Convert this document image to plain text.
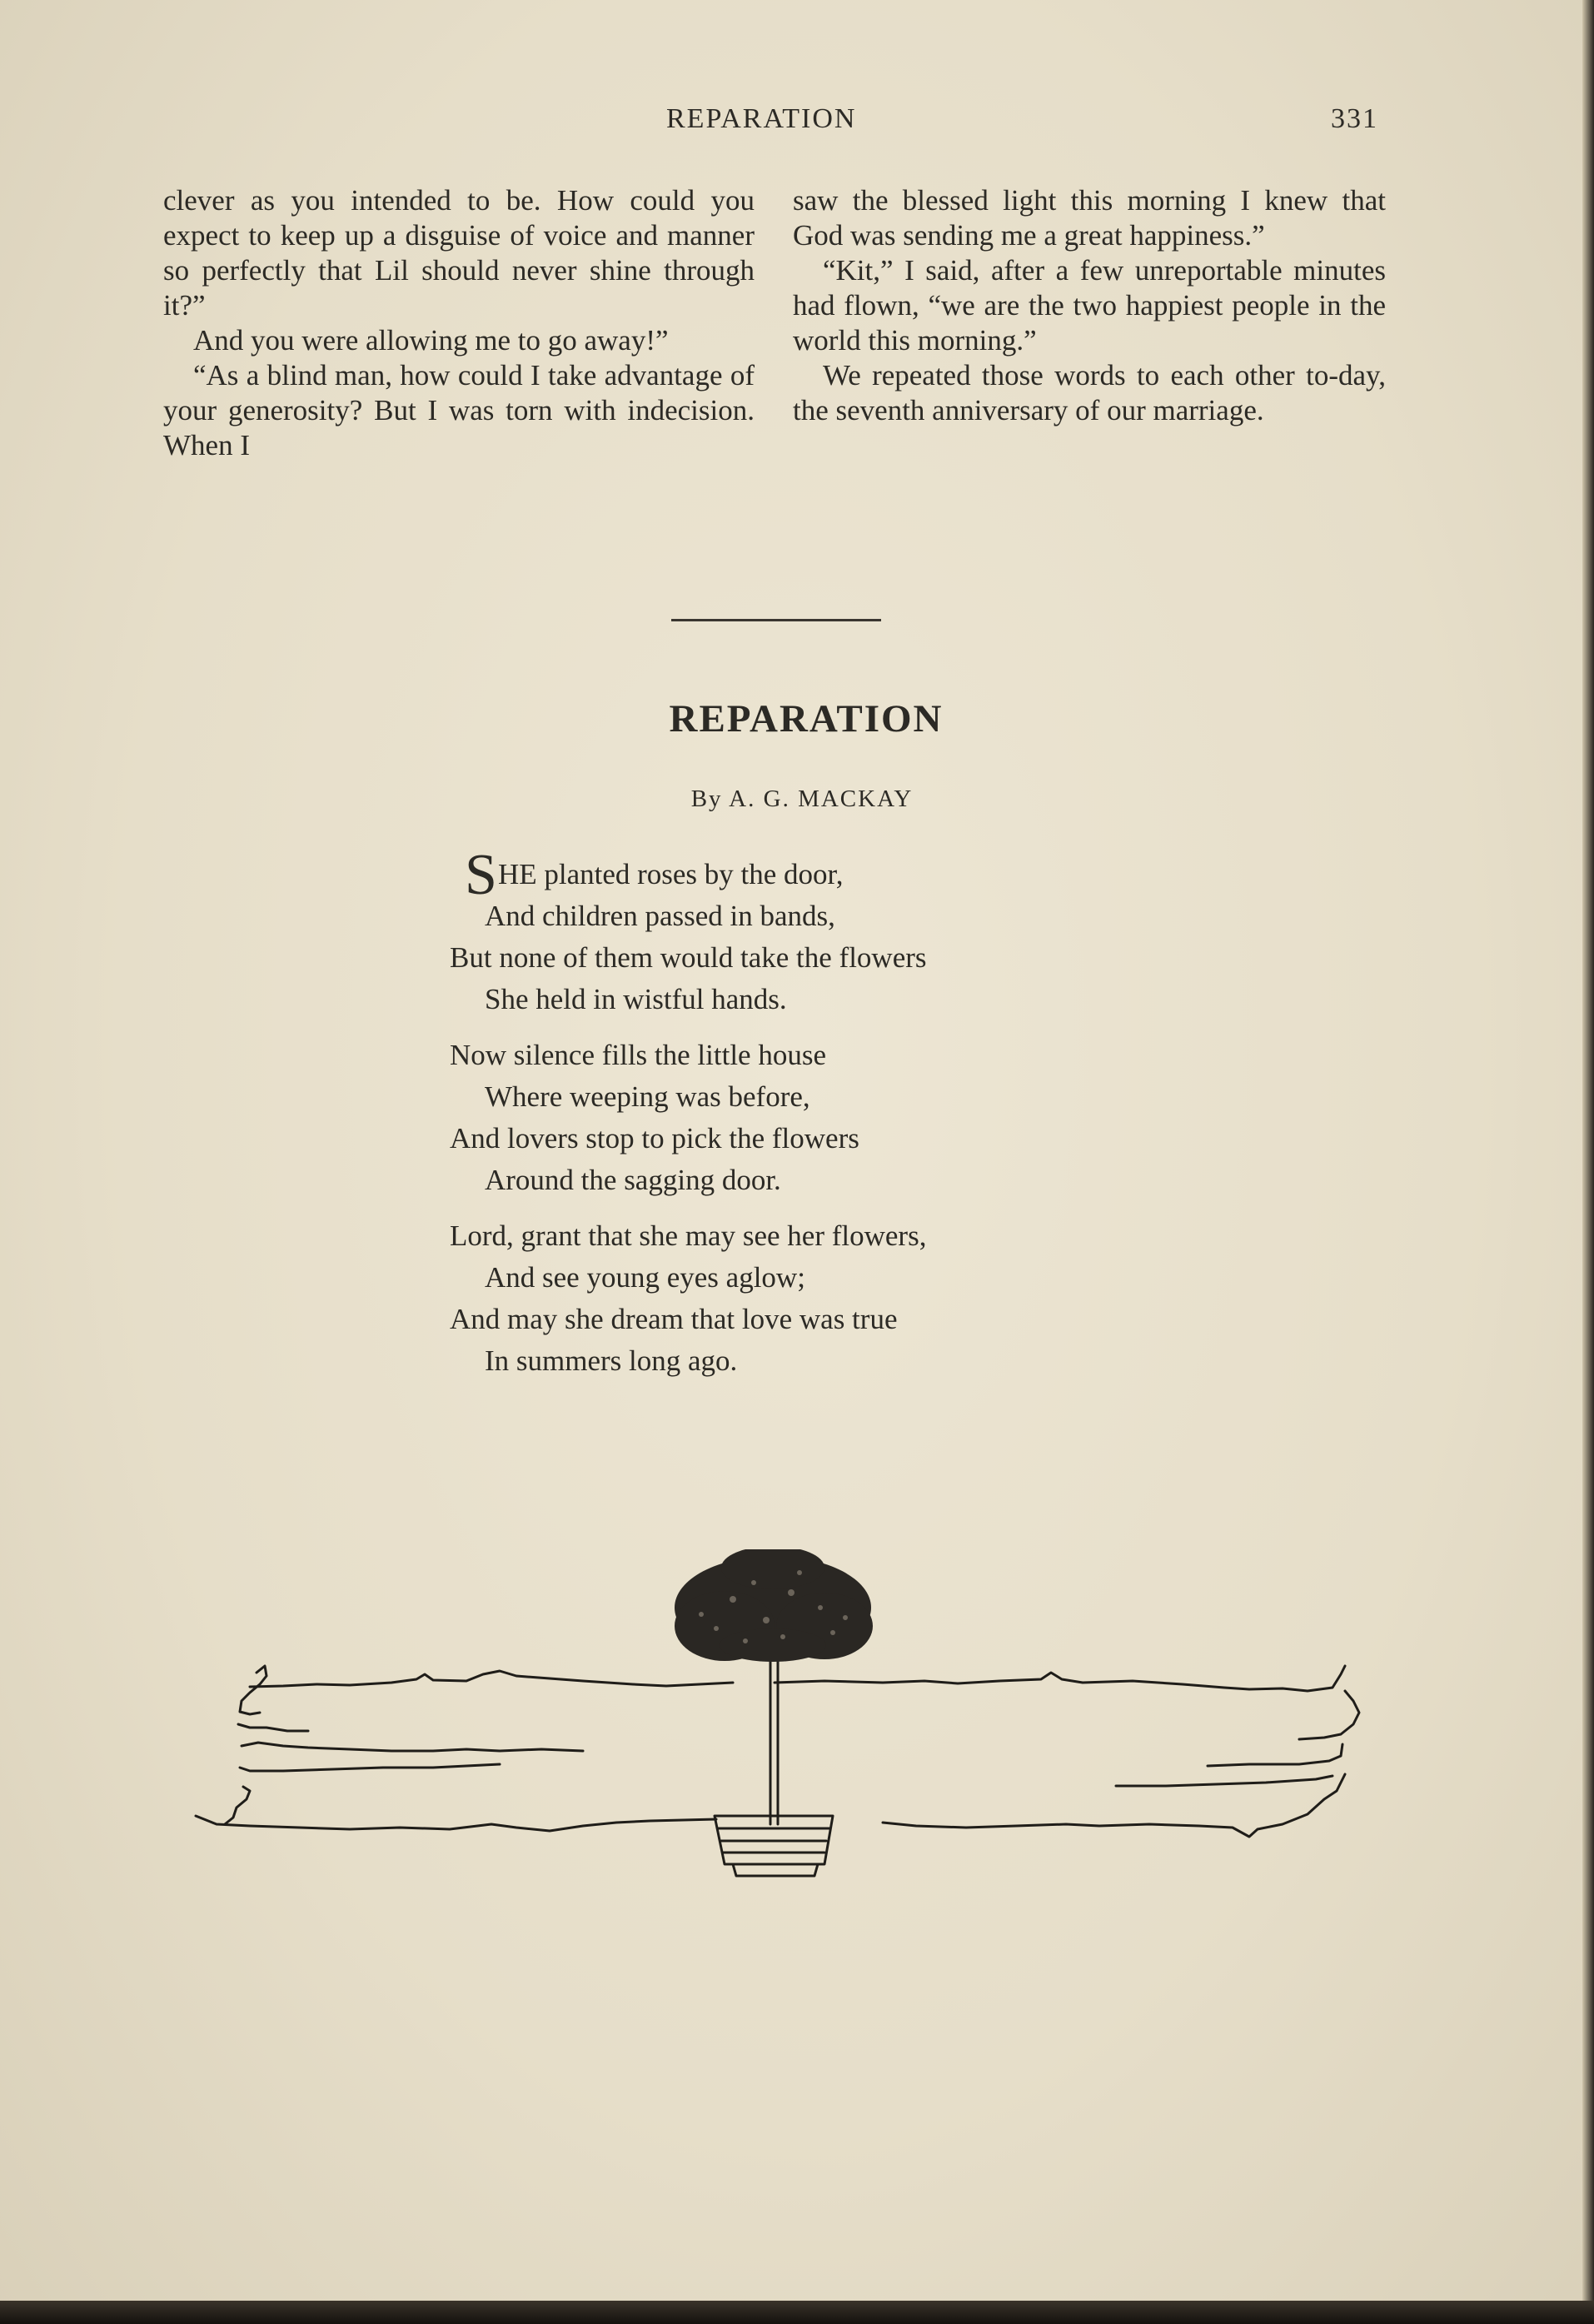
REPARATION	331

clever as you intended to be. How could you expect to keep up a disguise of voice and manner so perfectly that Lil should never shine through it?”

And you were allowing me to go away!”

“As a blind man, how could I take advantage of your generosity? But I was torn with indecision. When I

saw the blessed light this morning I knew that God was sending me a great happiness.”

“Kit,” I said, after a few unreportable minutes had flown, “we are the two happiest people in the world this morning.”

We repeated those words to each other to-day, the seventh anniversary of our marriage.

REPARATION
By A. G. MACKAY
SHE planted roses by the door,
And children passed in bands,
But none of them would take the flowers
She held in wistful hands.
Now silence fills the little house
Where weeping was before,
And lovers stop to pick the flowers
Around the sagging door.
Lord, grant that she may see her flowers,
And see young eyes aglow;
And may she dream that love was true
In summers long ago.
